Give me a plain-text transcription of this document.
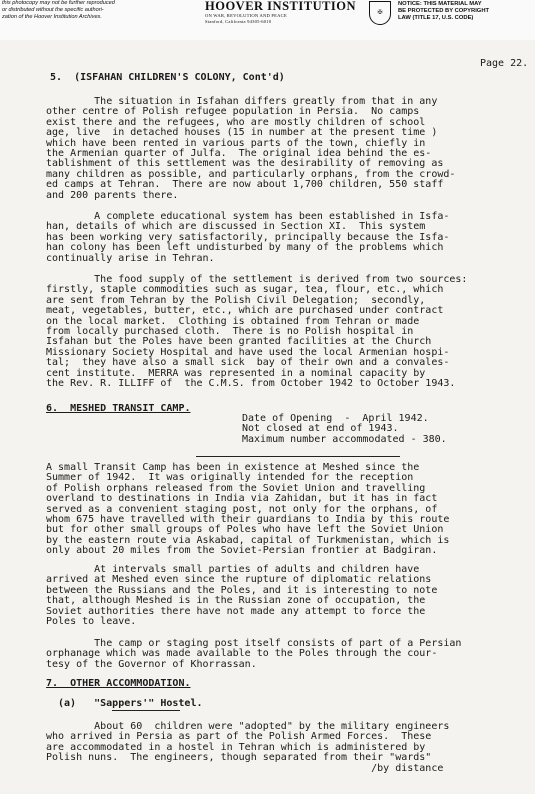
this photocopy may not be further reproduced
or distributed without the specific authori-
zation of the Hoover Institution Archives.
HOOVER INSTITUTION
ON WAR, REVOLUTION AND PEACE
Stanford, California 94305-6010
✠
NOTICE: THIS MATERIAL MAY
BE PROTECTED BY COPYRIGHT
LAW (TITLE 17, U.S. CODE)
Page 22.
5.  (ISFAHAN CHILDREN'S COLONY, Cont'd)
The situation in Isfahan differs greatly from that in any
other centre of Polish refugee population in Persia.  No camps
exist there and the refugees, who are mostly children of school
age, live  in detached houses (15 in number at the present time )
which have been rented in various parts of the town, chiefly in
the Armenian quarter of Julfa.  The original idea behind the es-
tablishment of this settlement was the desirability of removing as
many children as possible, and particularly orphans, from the crowd-
ed camps at Tehran.  There are now about 1,700 children, 550 staff
and 200 parents there.
A complete educational system has been established in Isfa-
han, details of which are discussed in Section XI.  This system
has been working very satisfactorily, principally because the Isfa-
han colony has been left undisturbed by many of the problems which
continually arise in Tehran.
The food supply of the settlement is derived from two sources:
firstly, staple commodities such as sugar, tea, flour, etc., which
are sent from Tehran by the Polish Civil Delegation;  secondly,
meat, vegetables, butter, etc., which are purchased under contract
on the local market.  Clothing is obtained from Tehran or made
from locally purchased cloth.  There is no Polish hospital in
Isfahan but the Poles have been granted facilities at the Church
Missionary Society Hospital and have used the local Armenian hospi-
tal;  they have also a small sick  bay of their own and a convales-
cent institute.  MERRA was represented in a nominal capacity by
the Rev. R. ILLIFF of  the C.M.S. from October 1942 to October 1943.
6.  MESHED TRANSIT CAMP.
Date of Opening  -  April 1942.
Not closed at end of 1943.
Maximum number accommodated - 380.
A small Transit Camp has been in existence at Meshed since the
Summer of 1942.  It was originally intended for the reception
of Polish orphans released from the Soviet Union and travelling
overland to destinations in India via Zahidan, but it has in fact
served as a convenient staging post, not only for the orphans, of
whom 675 have travelled with their guardians to India by this route
but for other small groups of Poles who have left the Soviet Union
by the eastern route via Askabad, capital of Turkmenistan, which is
only about 20 miles from the Soviet-Persian frontier at Badgiran.
At intervals small parties of adults and children have
arrived at Meshed even since the rupture of diplomatic relations
between the Russians and the Poles, and it is interesting to note
that, although Meshed is in the Russian zone of occupation, the
Soviet authorities there have not made any attempt to force the
Poles to leave.
The camp or staging post itself consists of part of a Persian
orphanage which was made available to the Poles through the cour-
tesy of the Governor of Khorrassan.
7.  OTHER ACCOMMODATION.
(a)   "Sappers'" Hostel.
About 60  children were "adopted" by the military engineers
who arrived in Persia as part of the Polish Armed Forces.  These
are accommodated in a hostel in Tehran which is administered by
Polish nuns.  The engineers, though separated from their "wards"
/by distance
